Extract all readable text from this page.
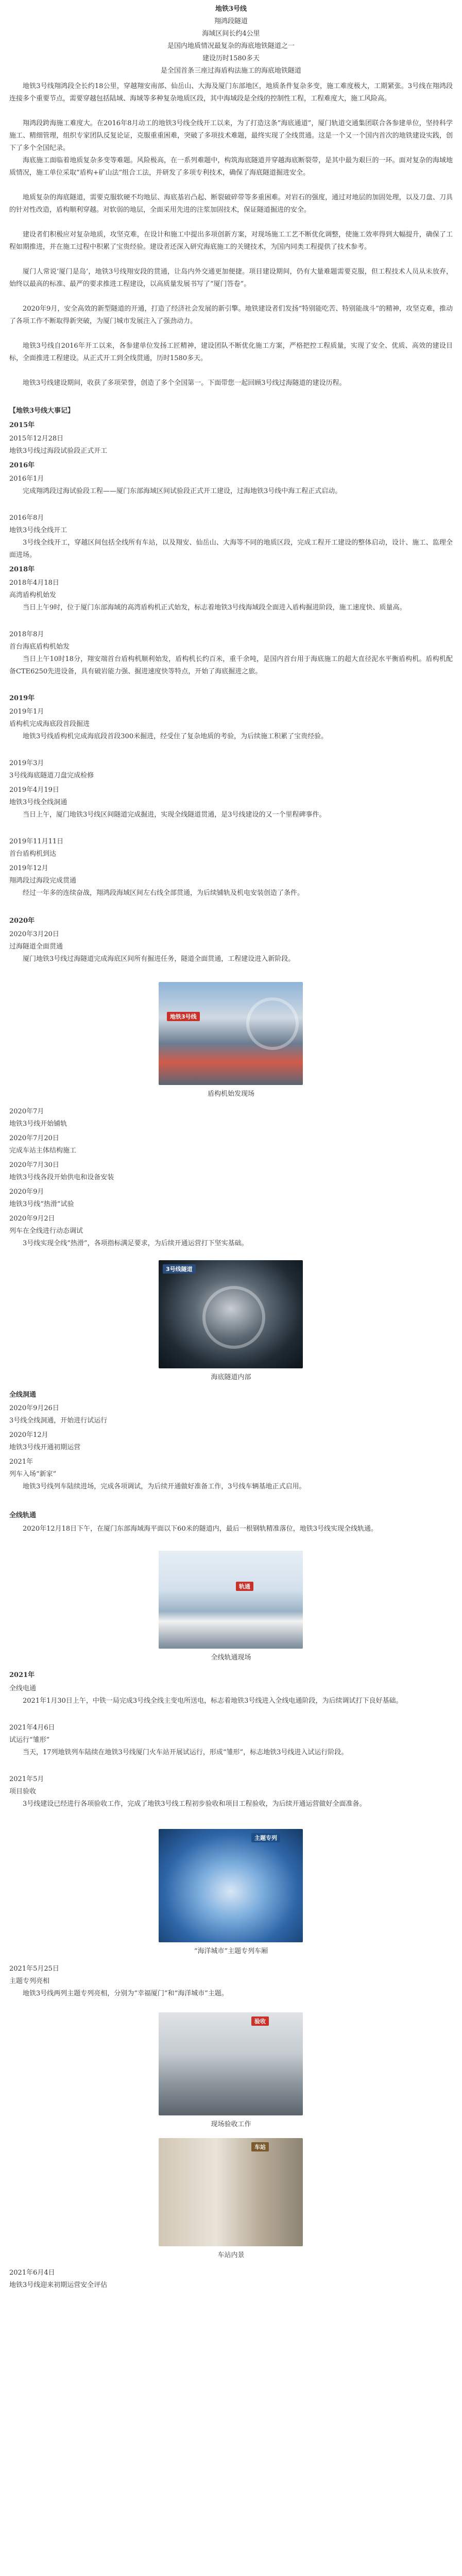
地铁3号线
翔鸿段隧道
海域区间长约4公里
是国内地质情况最复杂的海底地铁隧道之一
建设历时1580多天
是全国首条三座过海盾构法施工的海底地铁隧道
地铁3号线翔鸿段全长约18公里，穿越翔安南部、仙岳山、大海及厦门东部地区，地质条件复杂多变，施工难度极大，工期紧张。3号线在翔鸿段连接多个重要节点，需要穿越包括陆域、海域等多种复杂地质区段，其中海域段是全线的控制性工程，工程难度大，施工风险高。
翔鸿段跨海施工难度大。在2016年8月动工的地铁3号线全线开工以来，为了打造这条“海底通道”，厦门轨道交通集团联合各参建单位，坚持科学施工、精细管理，组织专家团队反复论证，克服重重困难，突破了多项技术难题，最终实现了全线贯通。这是一个又一个国内首次的地铁建设实践，创下了多个全国纪录。
海底施工面临着地质复杂多变等难题。风险极高，在一系列难题中，构筑海底隧道并穿越海底断裂带，是其中最为艰巨的一环。面对复杂的海域地质情况，施工单位采取“盾构+矿山法”组合工法，并研发了多项专利技术，确保了海底隧道掘进安全。
地质复杂的海底隧道，需要克服软硬不均地层、海底基岩凸起、断裂破碎带等多重困难。对岩石的强度，通过对地层的加固处理，以及刀盘、刀具的针对性改造，盾构顺利穿越。对软弱的地层，全面采用先进的注浆加固技术，保证隧道掘进的安全。
建设者们积极应对复杂地质，攻坚克难，在设计和施工中提出多项创新方案，对现场施工工艺不断优化调整，使施工效率得到大幅提升，确保了工程如期推进，并在施工过程中积累了宝贵经验。建设者还深入研究海底施工的关键技术，为国内同类工程提供了技术参考。
厦门人常说‘厦门是岛’，地铁3号线翔安段的贯通，让岛内外交通更加便捷。项目建设期间，仍有大量难题需要克服，但工程技术人员从未放弃，始终以最高的标准、最严的要求推进工程建设，以高质量发展书写了“厦门答卷”。
2020年9月，安全高效的新型隧道的开通，打造了经济社会发展的新引擎。地铁建设者们发扬“特别能吃苦、特别能战斗”的精神，攻坚克难，推动了各项工作不断取得新突破，为厦门城市发展注入了强劲动力。
地铁3号线自2016年开工以来，各参建单位发扬工匠精神，建设团队不断优化施工方案，严格把控工程质量，实现了安全、优质、高效的建设目标，全面推进工程建设。从正式开工到全线贯通，历时1580多天。
地铁3号线建设期间，收获了多项荣誉，创造了多个全国第一。下面带您一起回顾3号线过海隧道的建设历程。
【地铁3号线大事记】
2015年
2015年12月28日
地铁3号线过海段试验段正式开工
2016年
2016年1月
完成翔鸿段过海试验段工程——厦门东部海域区间试验段正式开工建设，过海地铁3号线中海工程正式启动。
2016年8月
地铁3号线全线开工
3号线全线开工，穿越区间包括全线所有车站，以及翔安、仙岳山、大海等不同的地质区段，完成工程开工建设的整体启动，设计、施工、监理全面进场。
2018年
2018年4月18日
高湾盾构机始发
当日上午9时，位于厦门东部海域的高湾盾构机正式始发，标志着地铁3号线海域段全面进入盾构掘进阶段，施工速度快、质量高。
2018年8月
首台海底盾构机始发
当日上午10时18分，翔安端首台盾构机顺利始发，盾构机长约百米，重千余吨，是国内首台用于海底施工的超大直径泥水平衡盾构机。盾构机配备CTE6250先进设备，具有破岩能力强、掘进速度快等特点，开始了海底掘进之旅。
2019年
2019年1月
盾构机完成海底段首段掘进
地铁3号线盾构机完成海底段首段300米掘进，经受住了复杂地质的考验，为后续施工积累了宝贵经验。
2019年3月
3号线海底隧道刀盘完成检修
2019年4月19日
地铁3号线全线洞通
当日上午，厦门地铁3号线区间隧道完成掘进，实现全线隧道贯通，是3号线建设的又一个里程碑事件。
2019年11月11日
首台盾构机到达
2019年12月
翔鸿段过海段完成贯通
经过一年多的连续奋战，翔鸿段海域区间左右线全部贯通，为后续铺轨及机电安装创造了条件。
2020年
2020年3月20日
过海隧道全面贯通
厦门地铁3号线过海隧道完成海底区间所有掘进任务，隧道全面贯通，工程建设进入新阶段。
地铁3号线
盾构机始发现场
2020年7月
地铁3号线开始铺轨
2020年7月20日
完成车站主体结构施工
2020年7月30日
地铁3号线各段开始供电和设备安装
2020年9月
地铁3号线“热滑”试验
2020年9月2日
列车在全线进行动态调试
3号线实现全线“热滑”，各项指标满足要求，为后续开通运营打下坚实基础。
3号线隧道
海底隧道内部
全线洞通
2020年9月26日
3号线全线洞通，开始进行试运行
2020年12月
地铁3号线开通初期运营
2021年
列车入场“新家”
地铁3号线列车陆续进场，完成各项调试，为后续开通做好准备工作，3号线车辆基地正式启用。
全线轨通
2020年12月18日下午，在厦门东部海域海平面以下60米的隧道内，最后一根钢轨精准落位，地铁3号线实现全线轨通。
轨通
全线轨通现场
2021年
全线电通
2021年1月30日上午，中铁一局完成3号线全线主变电所送电，标志着地铁3号线进入全线电通阶段，为后续调试打下良好基础。
2021年4月6日
试运行“雏形”
当天，17列地铁列车陆续在地铁3号线厦门火车站开展试运行，形成“雏形”，标志地铁3号线进入试运行阶段。
2021年5月
项目验收
3号线建设已经进行各项验收工作，完成了地铁3号线工程初步验收和项目工程验收，为后续开通运营做好全面准备。
主题专列
“海洋城市”主题专列车厢
2021年5月25日
主题专列亮相
地铁3号线两列主题专列亮相，分别为“幸福厦门”和“海洋城市”主题。
验收
现场验收工作
车站
车站内景
2021年6月4日
地铁3号线迎来初期运营安全评估
